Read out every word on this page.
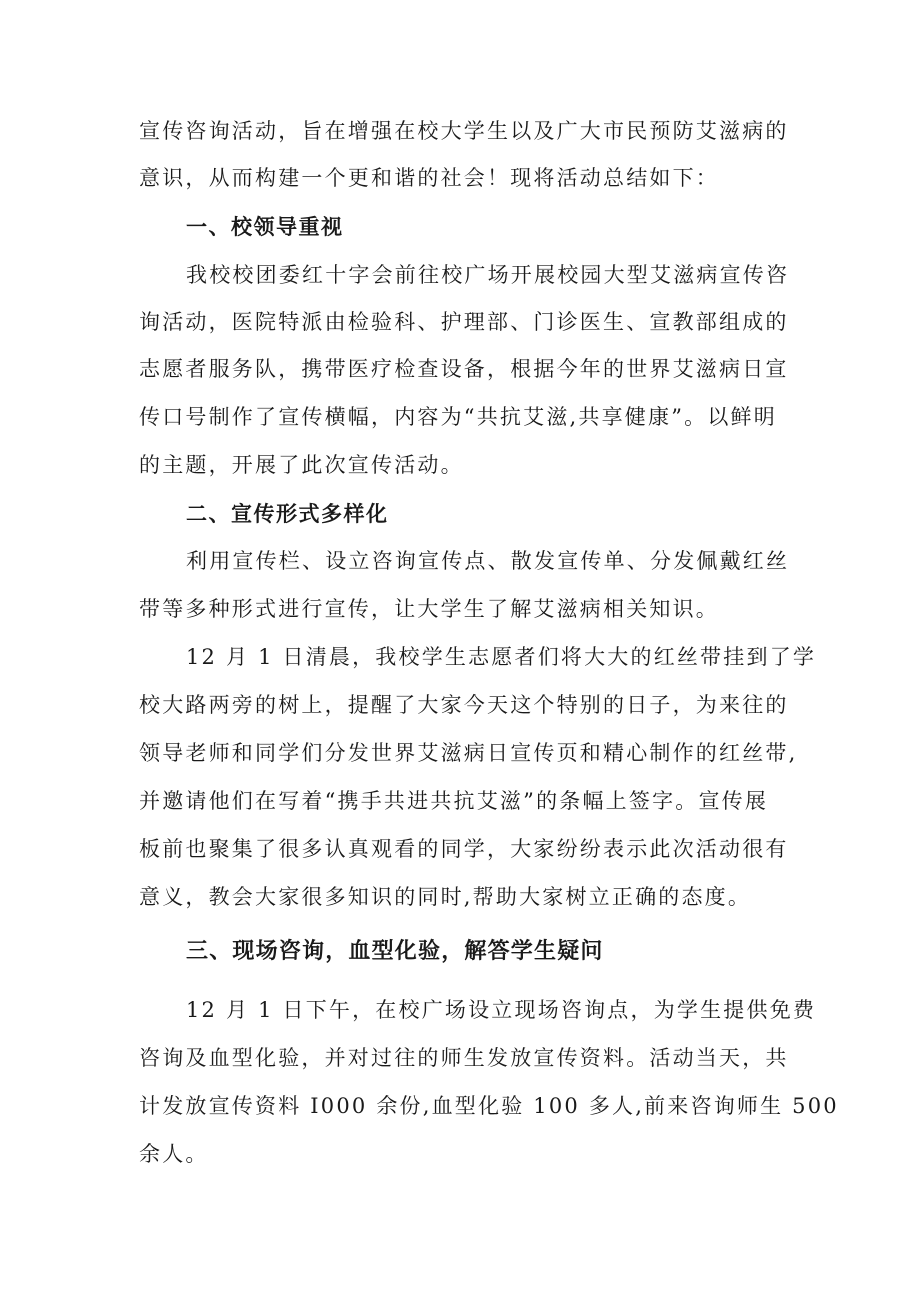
宣传咨询活动，旨在增强在校大学生以及广大市民预防艾滋病的
意识，从而构建一个更和谐的社会！现将活动总结如下：
一、校领导重视
我校校团委红十字会前往校广场开展校园大型艾滋病宣传咨
询活动，医院特派由检验科、护理部、门诊医生、宣教部组成的
志愿者服务队，携带医疗检查设备，根据今年的世界艾滋病日宣
传口号制作了宣传横幅，内容为“共抗艾滋,共享健康”。以鲜明
的主题，开展了此次宣传活动。
二、宣传形式多样化
利用宣传栏、设立咨询宣传点、散发宣传单、分发佩戴红丝
带等多种形式进行宣传，让大学生了解艾滋病相关知识。
12 月 1 日清晨，我校学生志愿者们将大大的红丝带挂到了学
校大路两旁的树上，提醒了大家今天这个特别的日子，为来往的
领导老师和同学们分发世界艾滋病日宣传页和精心制作的红丝带,
并邀请他们在写着“携手共进共抗艾滋”的条幅上签字。宣传展
板前也聚集了很多认真观看的同学，大家纷纷表示此次活动很有
意义，教会大家很多知识的同时,帮助大家树立正确的态度。
三、现场咨询，血型化验，解答学生疑问
12 月 1 日下午，在校广场设立现场咨询点，为学生提供免费
咨询及血型化验，并对过往的师生发放宣传资料。活动当天，共
计发放宣传资料 I000 余份,血型化验 100 多人,前来咨询师生 500
余人。
